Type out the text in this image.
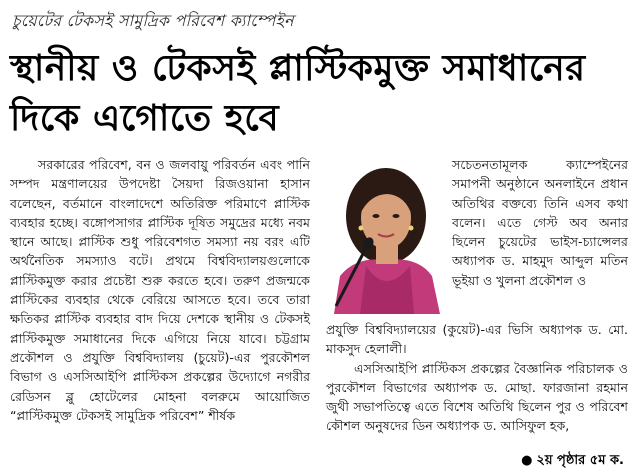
চুয়েটের টেকসই সামুদ্রিক পরিবেশ ক্যাম্পেইন
স্থানীয় ও টেকসই প্লাস্টিকমুক্ত সমাধানের দিকে এগোতে হবে

সরকারের পরিবেশ, বন ও জলবায়ু পরিবর্তন এবং পানি সম্পদ মন্ত্রণালয়ের উপদেষ্টা সৈয়দা রিজওয়ানা হাসান বলেছেন, বর্তমানে বাংলাদেশে অতিরিক্ত পরিমাণে প্লাস্টিক ব্যবহার হচ্ছে। বঙ্গোপসাগর প্লাস্টিক দূষিত সমুদ্রের মধ্যে নবম স্থানে আছে। প্লাস্টিক শুধু পরিবেশগত সমস্যা নয় বরং এটি অর্থনৈতিক সমস্যাও বটে। প্রথমে বিশ্ববিদ্যালয়গুলোকে প্লাস্টিকমুক্ত করার প্রচেষ্টা শুরু করতে হবে। তরুণ প্রজন্মকে প্লাস্টিকের ব্যবহার থেকে বেরিয়ে আসতে হবে। তবে তারা ক্ষতিকর প্লাস্টিক ব্যবহার বাদ দিয়ে দেশকে স্থানীয় ও টেকসই প্লাস্টিকমুক্ত সমাধানের দিকে এগিয়ে নিয়ে যাবে। চট্টগ্রাম প্রকৌশল ও প্রযুক্তি বিশ্ববিদ্যালয় (চুয়েট)-এর পুরকৌশল বিভাগ ও এসসিআইপি প্লাস্টিকস প্রকল্পের উদ্যোগে নগরীর রেডিসন ব্লু হোটেলের মোহনা বলরুমে আয়োজিত “প্লাস্টিকমুক্ত টেকসই সামুদ্রিক পরিবেশ” শীর্ষক

সচেতনতামূলক ক্যাম্পেইনের সমাপনী অনুষ্ঠানে অনলাইনে প্রধান অতিথির বক্তব্যে তিনি এসব কথা বলেন। এতে গেস্ট অব অনার ছিলেন চুয়েটের ভাইস-চ্যান্সেলর অধ্যাপক ড. মাহমুদ আব্দুল মতিন ভূইয়া ও খুলনা প্রকৌশল ও

প্রযুক্তি বিশ্ববিদ্যালয়ের (কুয়েট)-এর ভিসি অধ্যাপক ড. মো. মাকসুদ হেলালী।

এসসিআইপি প্লাস্টিকস প্রকল্পের বৈজ্ঞানিক পরিচালক ও পুরকৌশল বিভাগের অধ্যাপক ড. মোছা. ফারজানা রহমান জুথী সভাপতিত্বে এতে বিশেষ অতিথি ছিলেন পুর ও পরিবেশ কৌশল অনুষদের ডিন অধ্যাপক ড. আসিফুল হক,

● ২য় পৃষ্ঠার ৫ম ক.
